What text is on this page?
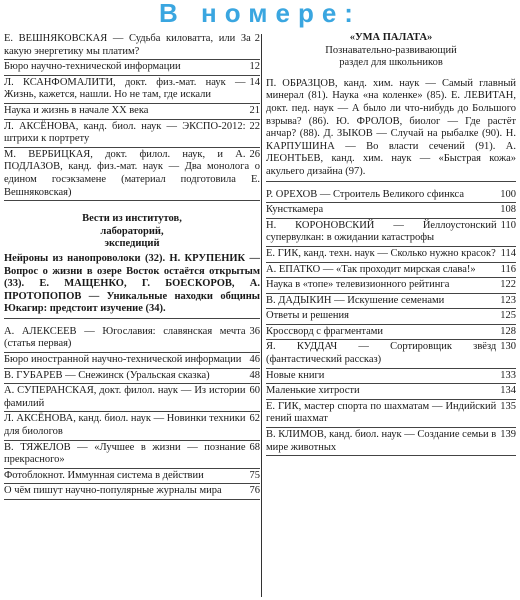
В номере:
2
Е. ВЕШНЯКОВСКАЯ — Судьба киловатта, или За какую энергетику мы платим?
12
Бюро научно-технической информации
14
Л. КСАНФОМАЛИТИ, докт. физ.-мат. наук — Жизнь, кажется, нашли. Но не там, где искали
21
Наука и жизнь в начале XX века
22
Л. АКСЁНОВА, канд. биол. наук — ЭКСПО-2012: штрихи к портрету
26
М. ВЕРБИЦКАЯ, докт. филол. наук, и А. ПОДЛАЗОВ, канд. физ.-мат. наук — Два монолога о едином госэкзамене (материал подготовила Е. Вешняковская)
Вести из институтов,
лабораторий,
экспедиций
Нейроны из нанопроволоки (32). Н. КРУПЕНИК — Вопрос о жизни в озере Восток остаётся открытым (33). Е. МАЩЕНКО, Г. БОЕСКОРОВ, А. ПРОТОПОПОВ — Уникальные находки общины Юкагир: предстоит изучение (34).
36
А. АЛЕКСЕЕВ — Югославия: славянская мечта (статья первая)
46
Бюро иностранной научно-технической информации
48
В. ГУБАРЕВ — Снежинск (Уральская сказка)
60
А. СУПЕРАНСКАЯ, докт. филол. наук — Из истории фамилий
62
Л. АКСЁНОВА, канд. биол. наук — Новинки техники для биологов
68
В. ТЯЖЕЛОВ — «Лучшее в жизни — познание прекрасного»
75
Фотоблокнот. Иммунная система в действии
76
О чём пишут научно-популярные журналы мира
«УМА ПАЛАТА»
Познавательно-развивающий
раздел для школьников
П. ОБРАЗЦОВ, канд. хим. наук — Самый главный минерал (81). Наука «на коленке» (85). Е. ЛЕВИТАН, докт. пед. наук — А было ли что-нибудь до Большого взрыва? (86). Ю. ФРОЛОВ, биолог — Где растёт анчар? (88). Д. ЗЫКОВ — Случай на рыбалке (90). Н. КАРПУШИНА — Во власти сечений (91). А. ЛЕОНТЬЕВ, канд. хим. наук — «Быстрая кожа» акульего дизайна (97).
100
Р. ОРЕХОВ — Строитель Великого сфинкса
108
Кунсткамера
110
Н. КОРОНОВСКИЙ — Йеллоустонский супервулкан: в ожидании катастрофы
114
Е. ГИК, канд. техн. наук — Сколько нужно красок?
116
А. ЕПАТКО — «Так проходит мирская слава!»
122
Наука в «топе» телевизионного рейтинга
123
В. ДАДЫКИН — Искушение семенами
125
Ответы и решения
128
Кроссворд с фрагментами
130
Я. КУДДАЧ — Сортировщик звёзд (фантастический рассказ)
133
Новые книги
134
Маленькие хитрости
135
Е. ГИК, мастер спорта по шахматам — Индийский гений шахмат
139
В. КЛИМОВ, канд. биол. наук — Создание семьи в мире животных
